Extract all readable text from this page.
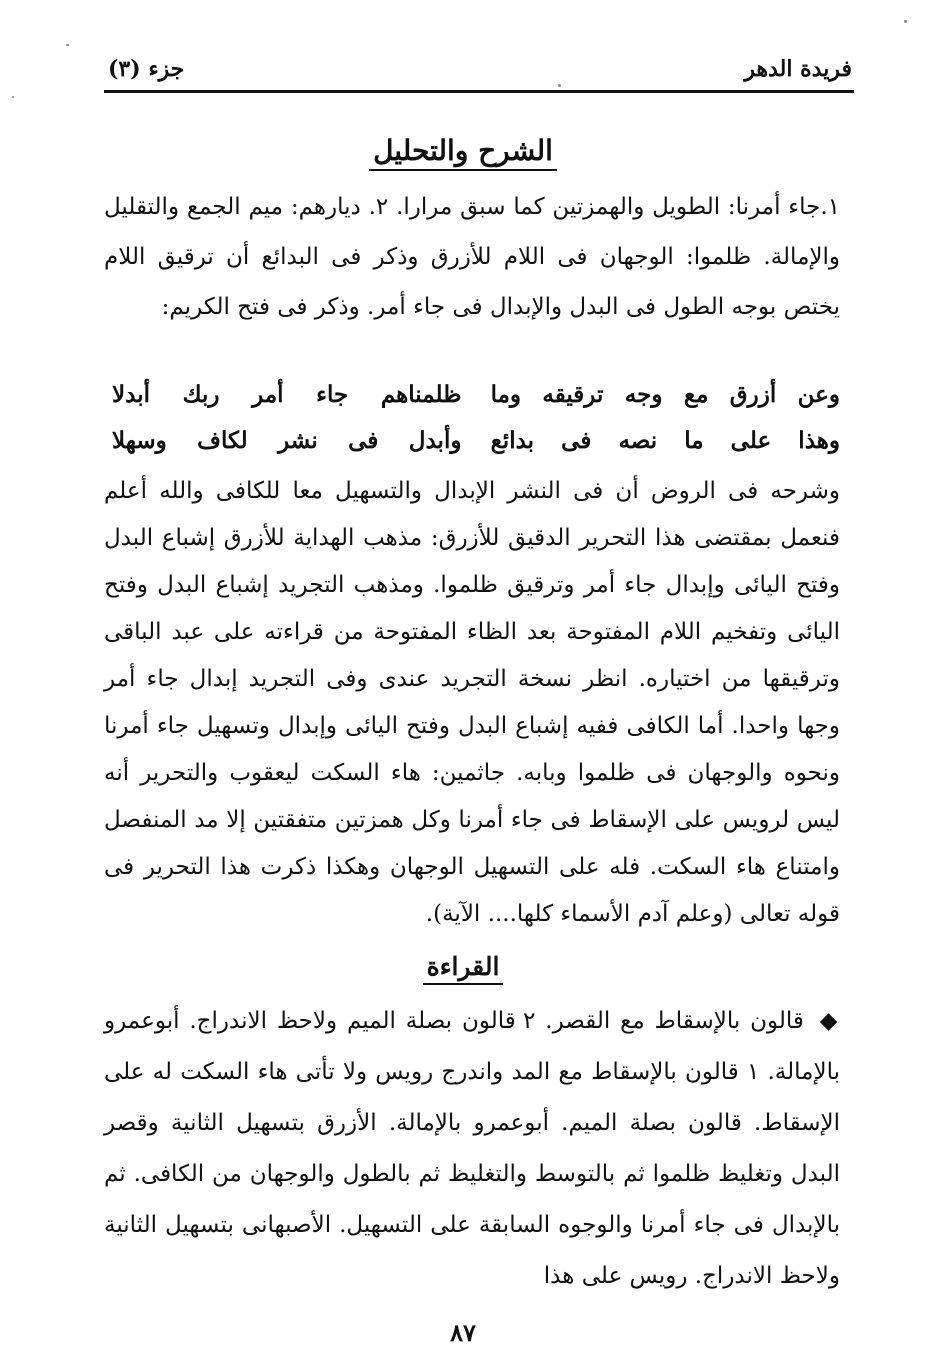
فريدة الدهر
جزء (٣)
الشرح والتحليل
١.جاء أمرنا: الطويل والهمزتين كما سبق مرارا. ٢. ديارهم: ميم الجمع والتقليل والإمالة. ظلموا: الوجهان فى اللام للأزرق وذكر فى البدائع أن ترقيق اللام يختص بوجه الطول فى البدل والإبدال فى جاء أمر. وذكر فى فتح الكريم:
وعن أزرق مع وجه ترقيقه وما
ظلمناهم جاء أمر ربك أبدلا
وهذا على ما نصه فى بدائع
وأبدل فى نشر لكاف وسهلا
وشرحه فى الروض أن فى النشر الإبدال والتسهيل معا للكافى والله أعلم فنعمل بمقتضى هذا التحرير الدقيق للأزرق: مذهب الهداية للأزرق إشباع البدل وفتح اليائى وإبدال جاء أمر وترقيق ظلموا. ومذهب التجريد إشباع البدل وفتح اليائى وتفخيم اللام المفتوحة بعد الظاء المفتوحة من قراءته على عبد الباقى وترقيقها من اختياره. انظر نسخة التجريد عندى وفى التجريد إبدال جاء أمر وجها واحدا. أما الكافى ففيه إشباع البدل وفتح اليائى وإبدال وتسهيل جاء أمرنا ونحوه والوجهان فى ظلموا وبابه. جاثمين: هاء السكت ليعقوب والتحرير أنه ليس لرويس على الإسقاط فى جاء أمرنا وكل همزتين متفقتين إلا مد المنفصل وامتناع هاء السكت. فله على التسهيل الوجهان وهكذا ذكرت هذا التحرير فى قوله تعالى (وعلم آدم الأسماء كلها.... الآية).
القراءة
◆ قالون بالإسقاط مع القصر. ٢ قالون بصلة الميم ولاحظ الاندراج. أبوعمرو بالإمالة. ١ قالون بالإسقاط مع المد واندرج رويس ولا تأتى هاء السكت له على الإسقاط. قالون بصلة الميم. أبوعمرو بالإمالة. الأزرق بتسهيل الثانية وقصر البدل وتغليظ ظلموا ثم بالتوسط والتغليظ ثم بالطول والوجهان من الكافى. ثم بالإبدال فى جاء أمرنا والوجوه السابقة على التسهيل. الأصبهانى بتسهيل الثانية ولاحظ الاندراج. رويس على هذا
٨٧
